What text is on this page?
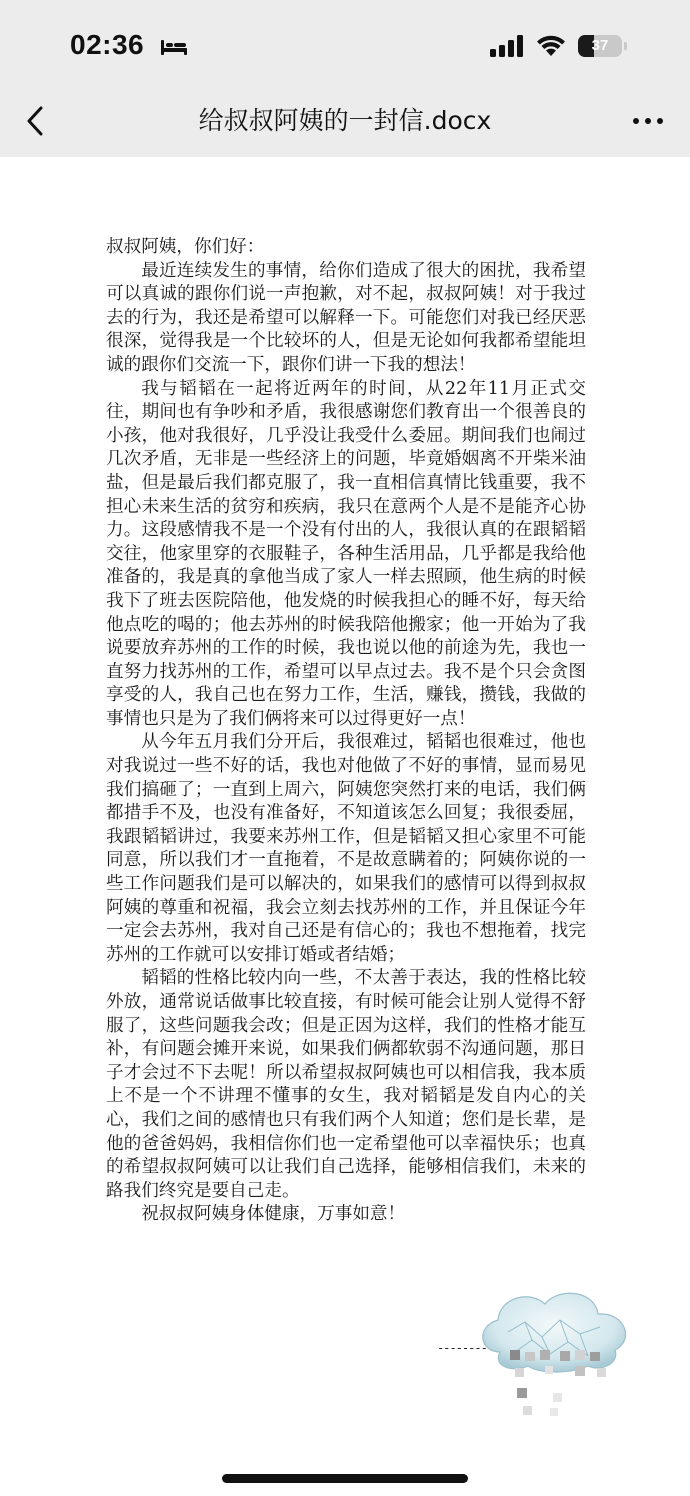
02:36	37
给叔叔阿姨的一封信.docx

叔叔阿姨，你们好：

最近连续发生的事情，给你们造成了很大的困扰，我希望可以真诚的跟你们说一声抱歉，对不起，叔叔阿姨！对于我过去的行为，我还是希望可以解释一下。可能您们对我已经厌恶很深，觉得我是一个比较坏的人，但是无论如何我都希望能坦诚的跟你们交流一下，跟你们讲一下我的想法！

我与韬韬在一起将近两年的时间，从22年11月正式交往，期间也有争吵和矛盾，我很感谢您们教育出一个很善良的小孩，他对我很好，几乎没让我受什么委屈。期间我们也闹过几次矛盾，无非是一些经济上的问题，毕竟婚姻离不开柴米油盐，但是最后我们都克服了，我一直相信真情比钱重要，我不担心未来生活的贫穷和疾病，我只在意两个人是不是能齐心协力。这段感情我不是一个没有付出的人，我很认真的在跟韬韬交往，他家里穿的衣服鞋子，各种生活用品，几乎都是我给他准备的，我是真的拿他当成了家人一样去照顾，他生病的时候我下了班去医院陪他，他发烧的时候我担心的睡不好，每天给他点吃的喝的；他去苏州的时候我陪他搬家；他一开始为了我说要放弃苏州的工作的时候，我也说以他的前途为先，我也一直努力找苏州的工作，希望可以早点过去。我不是个只会贪图享受的人，我自己也在努力工作，生活，赚钱，攒钱，我做的事情也只是为了我们俩将来可以过得更好一点！

从今年五月我们分开后，我很难过，韬韬也很难过，他也对我说过一些不好的话，我也对他做了不好的事情，显而易见我们搞砸了；一直到上周六，阿姨您突然打来的电话，我们俩都措手不及，也没有准备好，不知道该怎么回复；我很委屈，我跟韬韬讲过，我要来苏州工作，但是韬韬又担心家里不可能同意，所以我们才一直拖着，不是故意瞒着的；阿姨你说的一些工作问题我们是可以解决的，如果我们的感情可以得到叔叔阿姨的尊重和祝福，我会立刻去找苏州的工作，并且保证今年一定会去苏州，我对自己还是有信心的；我也不想拖着，找完苏州的工作就可以安排订婚或者结婚；

韬韬的性格比较内向一些，不太善于表达，我的性格比较外放，通常说话做事比较直接，有时候可能会让别人觉得不舒服了，这些问题我会改；但是正因为这样，我们的性格才能互补，有问题会摊开来说，如果我们俩都软弱不沟通问题，那日子才会过不下去呢！所以希望叔叔阿姨也可以相信我，我本质上不是一个不讲理不懂事的女生，我对韬韬是发自内心的关心，我们之间的感情也只有我们两个人知道；您们是长辈，是他的爸爸妈妈，我相信你们也一定希望他可以幸福快乐；也真的希望叔叔阿姨可以让我们自己选择，能够相信我们，未来的路我们终究是要自己走。

祝叔叔阿姨身体健康，万事如意！

--------
